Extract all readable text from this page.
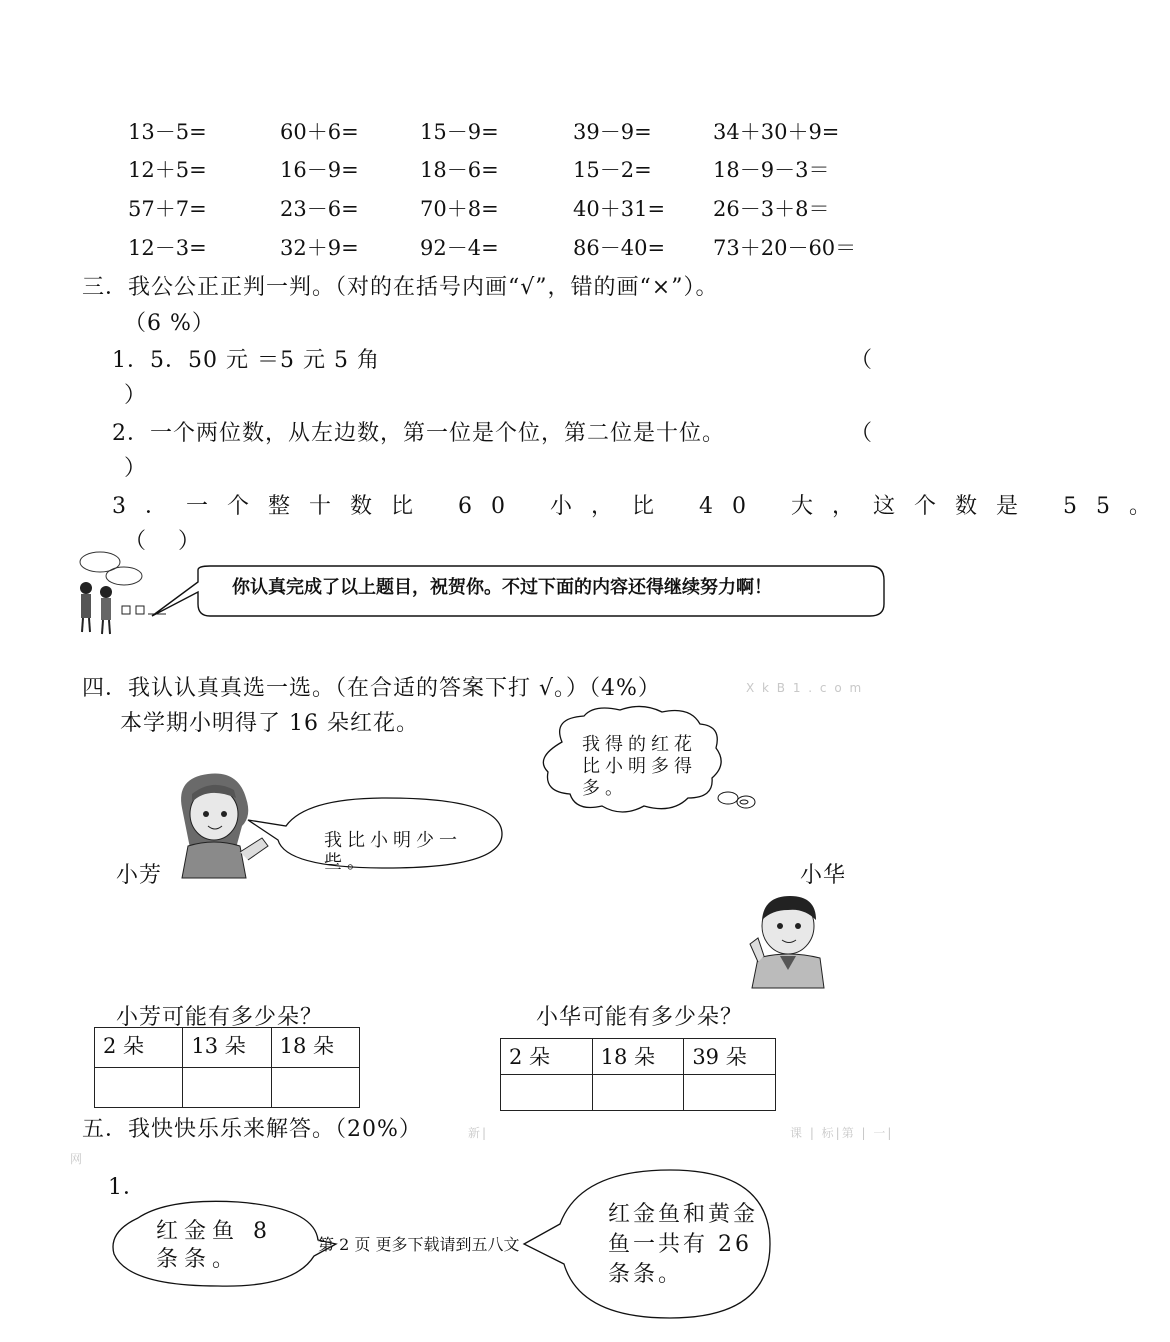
13－5=	60＋6=	15－9=	39－9=	34＋30＋9=
12＋5=	16－9=	18－6=	15－2=	18－9－3＝
57＋7=	23－6=	70＋8=	40＋31= 26－3＋8＝
12－3=	32＋9=	92－4=	86－40= 73＋20－60＝
三．我公公正正判一判。（对的在括号内画“√”，错的画“×”）。
（6 %）
1．5．50 元 ＝5 元 5 角	（
）
2．一个两位数，从左边数，第一位是个位，第二位是十位。	（
）
3．一个整十数比 60 小，比 40 大，这个数是 55。
（　 ）
你认真完成了以上题目，祝贺你。不过下面的内容还得继续努力啊！
四．我认认真真选一选。（在合适的答案下打 √。）（4%）	X k B 1 . c o m
本学期小明得了 16 朵红花。
我得的红花比小明多得多。
我比小明少一些。
小芳	小华
小芳可能有多少朵？	小华可能有多少朵？
2 朵	13 朵	18 朵
			2 朵	18 朵	39 朵

五．我快快乐乐来解答。（20%）	新|	课 | 标|第 | 一|
网
1．
红金鱼 8 条条。
第 2 页 更多下载请到五八文
红金鱼和黄金鱼一共有 26 条条。
